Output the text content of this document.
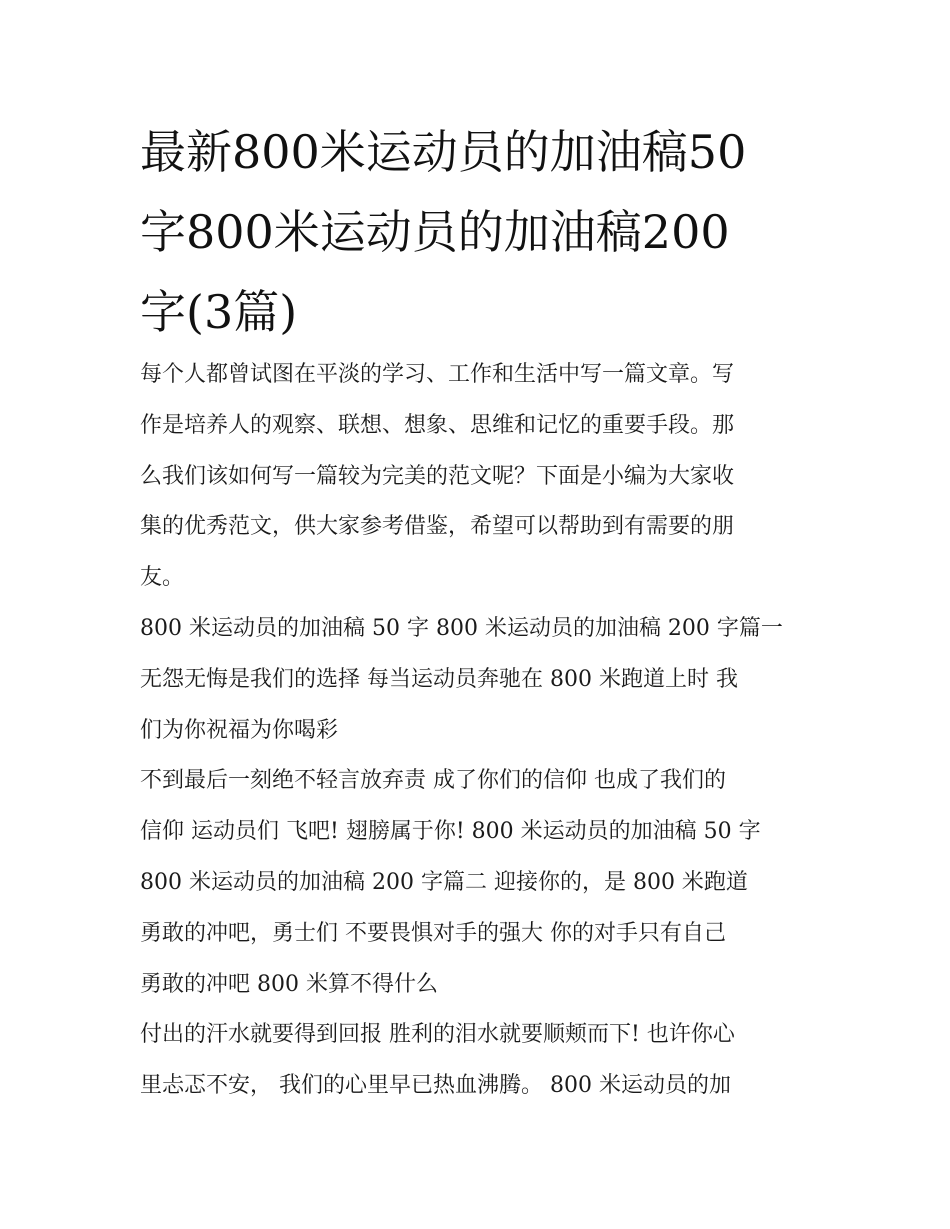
最新800米运动员的加油稿50
字800米运动员的加油稿200
字(3篇)
每个人都曾试图在平淡的学习、工作和生活中写一篇文章。写
作是培养人的观察、联想、想象、思维和记忆的重要手段。那
么我们该如何写一篇较为完美的范文呢？下面是小编为大家收
集的优秀范文，供大家参考借鉴，希望可以帮助到有需要的朋
友。
800 米运动员的加油稿 50 字 800 米运动员的加油稿 200 字篇一
无怨无悔是我们的选择 每当运动员奔驰在 800 米跑道上时 我
们为你祝福为你喝彩
不到最后一刻绝不轻言放弃责 成了你们的信仰 也成了我们的
信仰 运动员们 飞吧! 翅膀属于你! 800 米运动员的加油稿 50 字
800 米运动员的加油稿 200 字篇二 迎接你的，是 800 米跑道
勇敢的冲吧，勇士们 不要畏惧对手的强大 你的对手只有自己
勇敢的冲吧 800 米算不得什么
付出的汗水就要得到回报 胜利的泪水就要顺颊而下! 也许你心
里忐忑不安， 我们的心里早已热血沸腾。 800 米运动员的加
